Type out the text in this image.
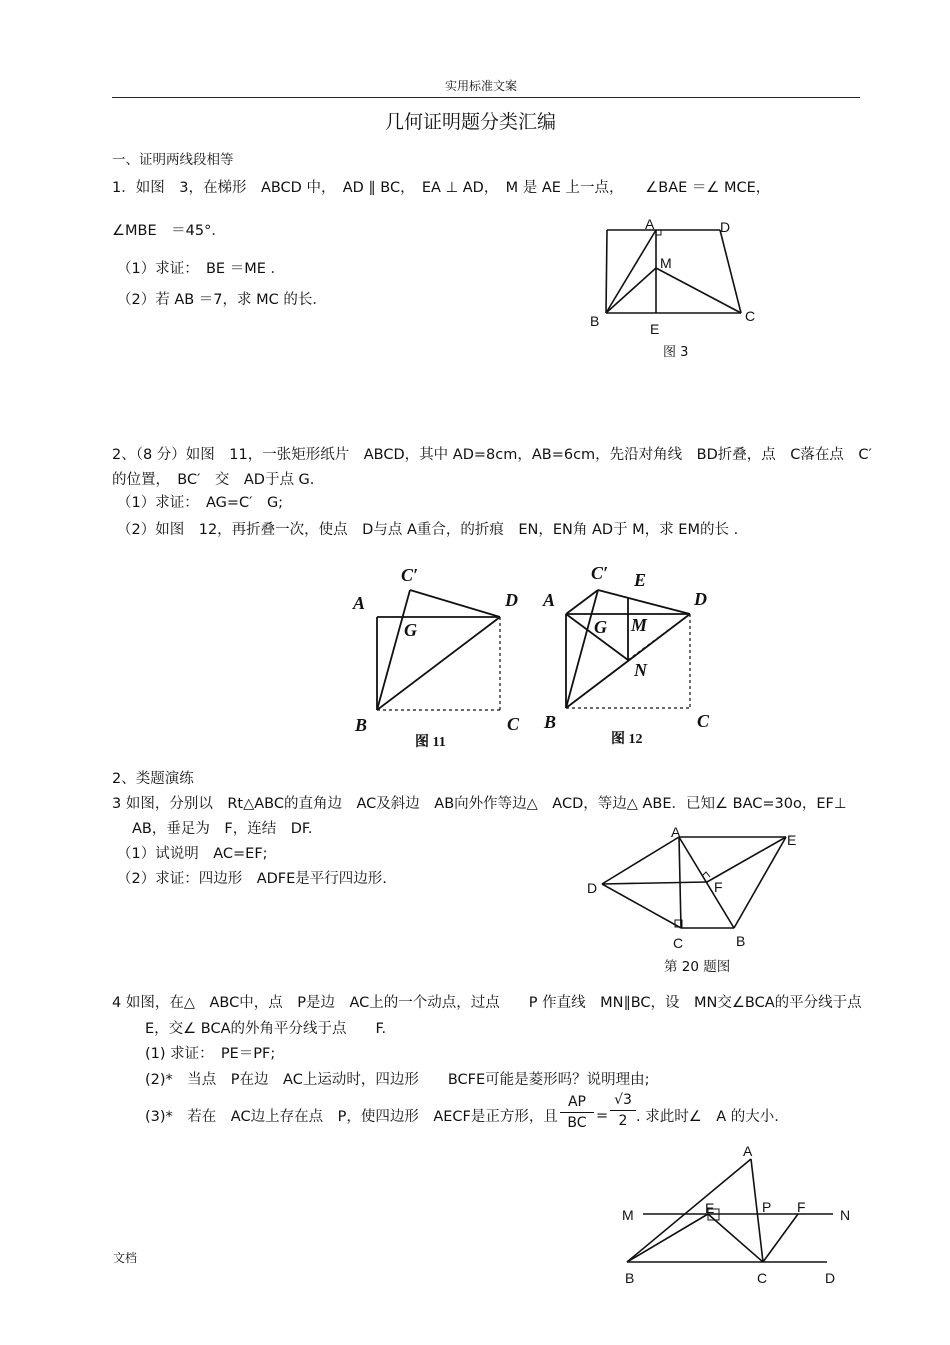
实用标准文案
几何证明题分类汇编
一、证明两线段相等
1．如图　3，在梯形　ABCD 中，　AD ∥ BC，　EA ⊥ AD，　M 是 AE 上一点，　　∠BAE ＝∠ MCE，
∠MBE　＝45°．
（1）求证：　BE ＝ME ．
（2）若 AB ＝7，求 MC 的长．
A	D
M
B	E
C
图 3
2、（8 分）如图　11，一张矩形纸片　ABCD，其中 AD=8cm，AB=6cm，先沿对角线　BD折叠，点　C落在点　C′
的位置，　BC′　交　AD于点 G.
（1）求证：　AG=C′　G;
（2）如图　12，再折叠一次，使点　D与点 A重合，的折痕　EN，EN角 AD于 M，求 EM的长 .
A
C′
D
G
B	C
图 11
A
C′ E
D
G M
N
B	C
图 12
2、类题演练
3 如图，分别以　Rt△ABC的直角边　AC及斜边　AB向外作等边△　ACD，等边△ ABE．已知∠ BAC=30o，EF⊥
AB，垂足为　F，连结　DF.
（1）试说明　AC=EF;
（2）求证：四边形　ADFE是平行四边形.
A	E
F
D
C	B
第 20 题图
4 如图，在△　ABC中，点　P是边　AC上的一个动点，过点　　P 作直线　MN∥BC，设　MN交∠BCA的平分线于点
E，交∠ BCA的外角平分线于点　　F.
(1) 求证：　PE＝PF;
(2)*　当点　P在边　AC上运动时，四边形　　BCFE可能是菱形吗？说明理由;
(3)*　若在　AC边上存在点　P，使四边形　AECF是正方形，且
AP
BC =
√3
2 . 求此时∠　A 的大小.
A
M	E	P F N
B	C	D
文档
